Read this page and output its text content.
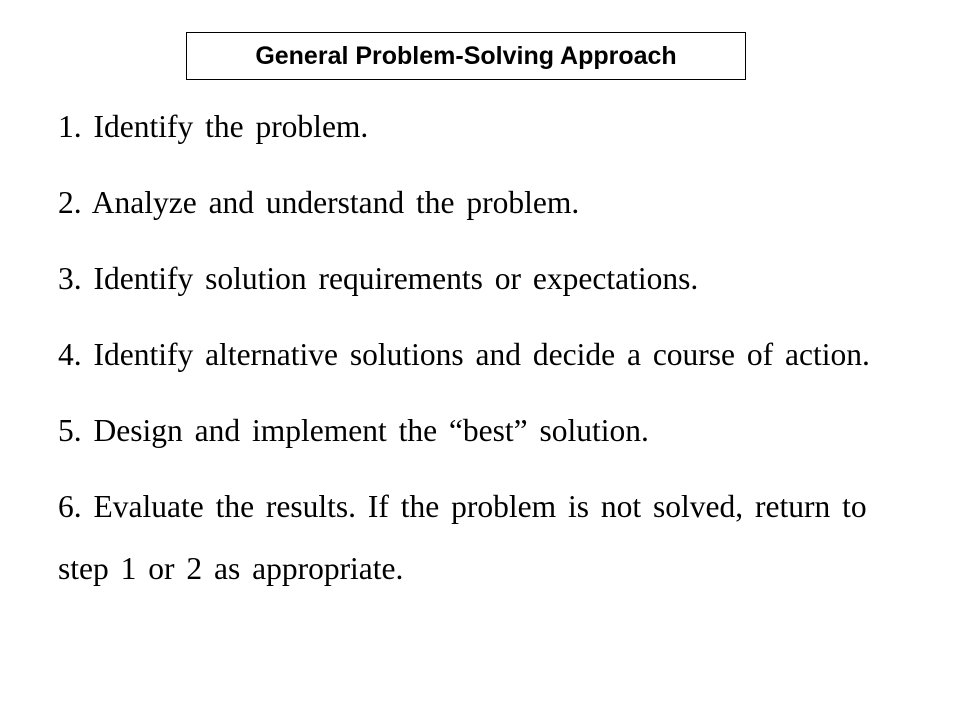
General Problem-Solving Approach
1. Identify the problem.
2. Analyze and understand the problem.
3. Identify solution requirements or expectations.
4. Identify alternative solutions and decide a course of action.
5. Design and implement the “best” solution.
6. Evaluate the results. If the problem is not solved, return to step 1 or 2 as appropriate.
